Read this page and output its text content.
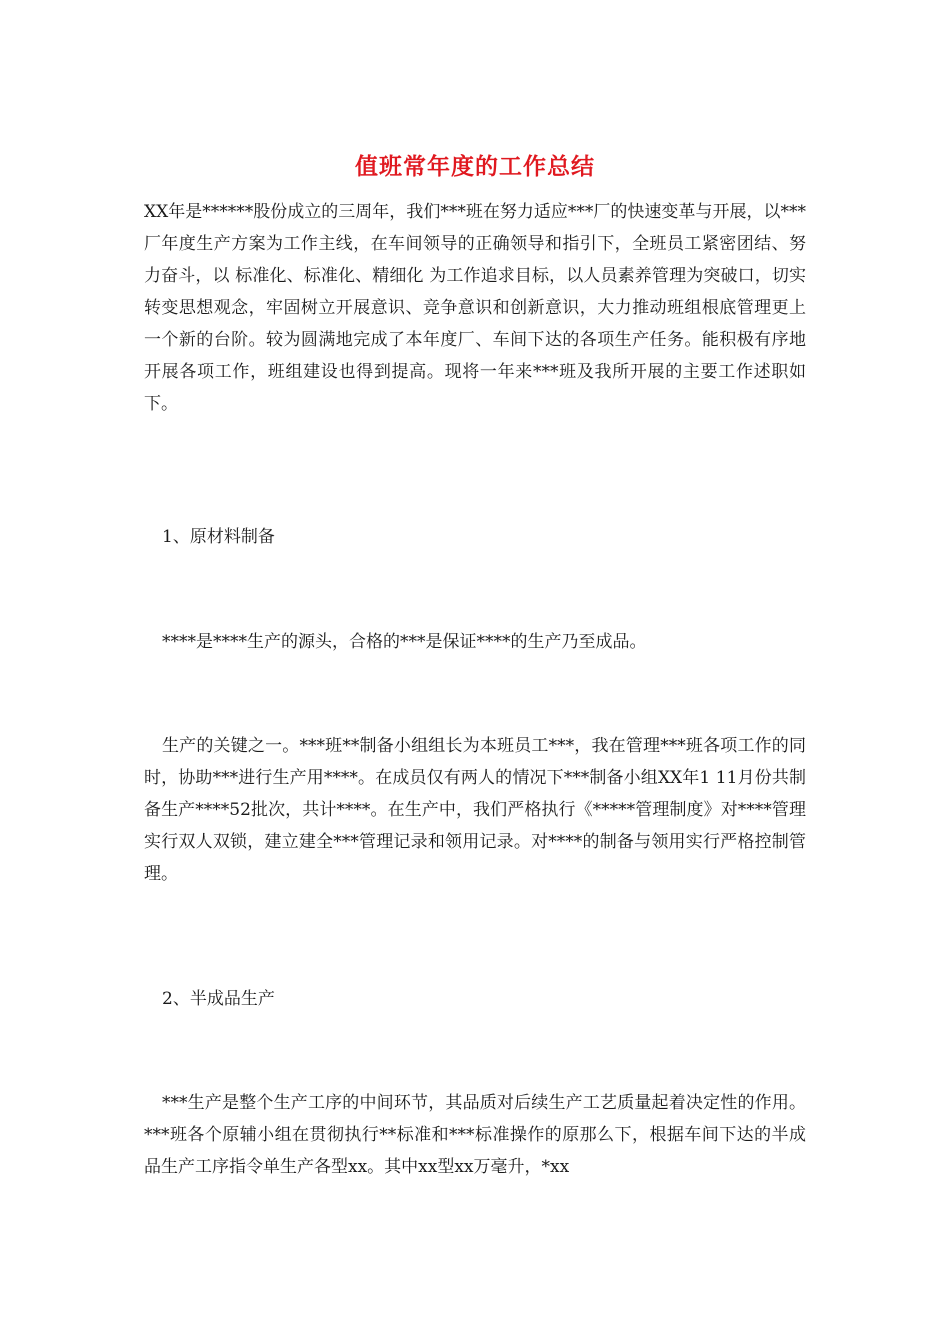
值班常年度的工作总结

XX年是******股份成立的三周年，我们***班在努力适应***厂的快速变革与开展，以***厂年度生产方案为工作主线，在车间领导的正确领导和指引下，全班员工紧密团结、努力奋斗，以 标准化、标准化、精细化 为工作追求目标，以人员素养管理为突破口，切实转变思想观念，牢固树立开展意识、竞争意识和创新意识，大力推动班组根底管理更上一个新的台阶。较为圆满地完成了本年度厂、车间下达的各项生产任务。能积极有序地开展各项工作，班组建设也得到提高。现将一年来***班及我所开展的主要工作述职如下。

1、原材料制备

****是****生产的源头，合格的***是保证****的生产乃至成品。

生产的关键之一。***班**制备小组组长为本班员工***，我在管理***班各项工作的同时，协助***进行生产用****。在成员仅有两人的情况下***制备小组XX年1 11月份共制备生产****52批次，共计****。在生产中，我们严格执行《*****管理制度》对****管理实行双人双锁，建立建全***管理记录和领用记录。对****的制备与领用实行严格控制管理。

2、半成品生产

***生产是整个生产工序的中间环节，其品质对后续生产工艺质量起着决定性的作用。***班各个原辅小组在贯彻执行**标准和***标准操作的原那么下，根据车间下达的半成品生产工序指令单生产各型xx。其中xx型xx万毫升，*xx
